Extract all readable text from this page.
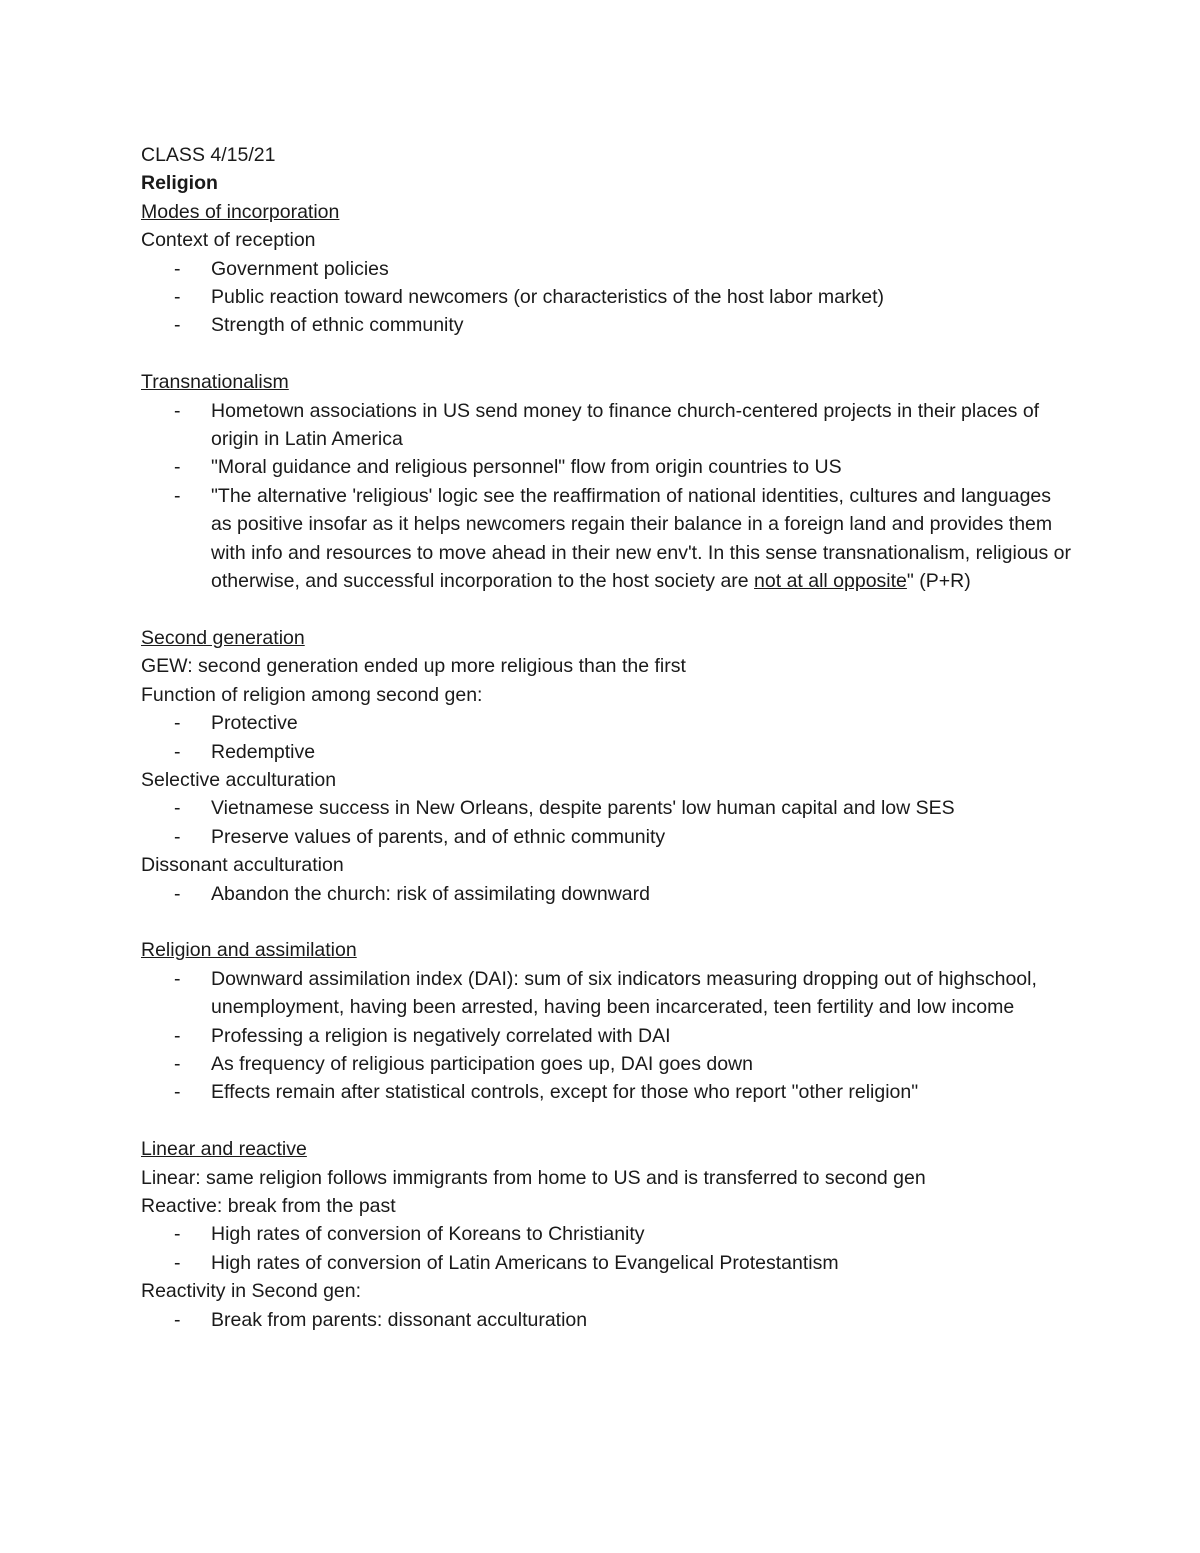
CLASS 4/15/21

Religion

Modes of incorporation

Context of reception

- Government policies

- Public reaction toward newcomers (or characteristics of the host labor market)

- Strength of ethnic community

Transnationalism

- Hometown associations in US send money to finance church-centered projects in their places of origin in Latin America

- "Moral guidance and religious personnel" flow from origin countries to US

- "The alternative 'religious' logic see the reaffirmation of national identities, cultures and languages as positive insofar as it helps newcomers regain their balance in a foreign land and provides them with info and resources to move ahead in their new env't. In this sense transnationalism, religious or otherwise, and successful incorporation to the host society are not at all opposite" (P+R)

Second generation

GEW: second generation ended up more religious than the first

Function of religion among second gen:

- Protective

- Redemptive

Selective acculturation

- Vietnamese success in New Orleans, despite parents' low human capital and low SES

- Preserve values of parents, and of ethnic community

Dissonant acculturation

- Abandon the church: risk of assimilating downward

Religion and assimilation

- Downward assimilation index (DAI): sum of six indicators measuring dropping out of highschool, unemployment, having been arrested, having been incarcerated, teen fertility and low income

- Professing a religion is negatively correlated with DAI

- As frequency of religious participation goes up, DAI goes down

- Effects remain after statistical controls, except for those who report "other religion"

Linear and reactive

Linear: same religion follows immigrants from home to US and is transferred to second gen

Reactive: break from the past

- High rates of conversion of Koreans to Christianity

- High rates of conversion of Latin Americans to Evangelical Protestantism

Reactivity in Second gen:

- Break from parents: dissonant acculturation
